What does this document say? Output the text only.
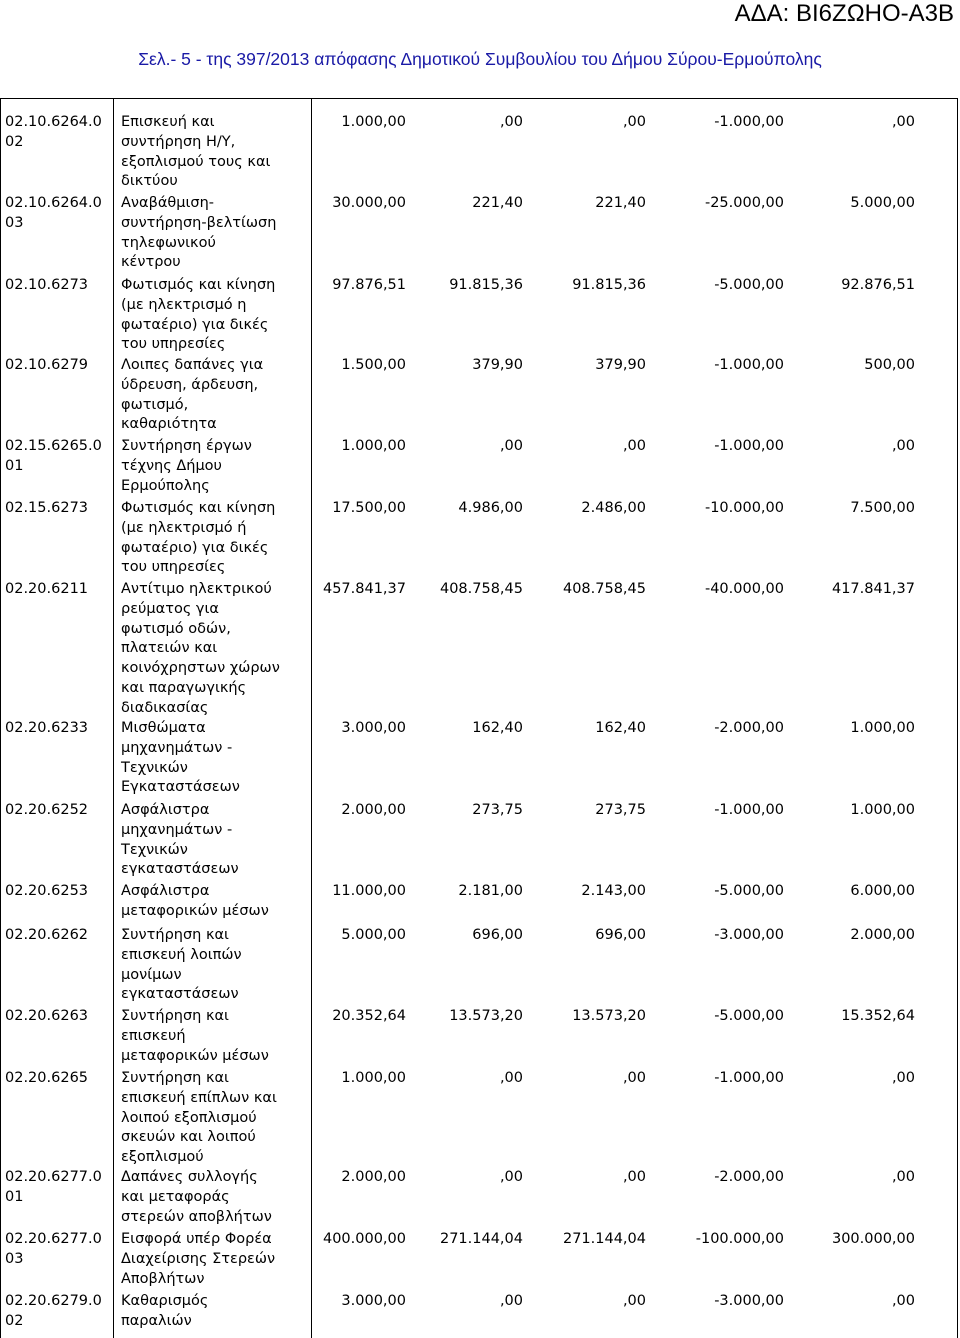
ΑΔΑ: ΒΙ6ΖΩΗΟ-Α3Β
Σελ.- 5 - της 397/2013 απόφασης Δημοτικού Συμβουλίου του Δήμου Σύρου-Ερμούπολης
02.10.6264.0
02
Επισκευή και
συντήρηση Η/Υ,
εξοπλισμού τους και
δικτύου
1.000,00	,00	,00	-1.000,00	,00
02.10.6264.0
03
Αναβάθμιση-
συντήρηση-βελτίωση
τηλεφωνικού
κέντρου
30.000,00	221,40	221,40	-25.000,00	5.000,00
02.10.6273	Φωτισμός και κίνηση
(με ηλεκτρισμό η
φωταέριο) για δικές
του υπηρεσίες
97.876,51	91.815,36	91.815,36	-5.000,00	92.876,51
02.10.6279	Λοιπες δαπάνες για
ύδρευση, άρδευση,
φωτισμό,
καθαριότητα
1.500,00	379,90	379,90	-1.000,00	500,00
02.15.6265.0
01
Συντήρηση έργων
τέχνης Δήμου
Ερμούπολης
1.000,00	,00	,00	-1.000,00	,00
02.15.6273	Φωτισμός και κίνηση
(με ηλεκτρισμό ή
φωταέριο) για δικές
του υπηρεσίες
17.500,00	4.986,00	2.486,00	-10.000,00	7.500,00
02.20.6211	Αντίτιμο ηλεκτρικού
ρεύματος για
φωτισμό οδών,
πλατειών και
κοινόχρηστων χώρων
και παραγωγικής
διαδικασίας
457.841,37 408.758,45	408.758,45	-40.000,00	417.841,37
02.20.6233	Μισθώματα
μηχανημάτων -
Τεχνικών
Εγκαταστάσεων
3.000,00	162,40	162,40	-2.000,00	1.000,00
02.20.6252	Ασφάλιστρα
μηχανημάτων -
Τεχνικών
εγκαταστάσεων
2.000,00	273,75	273,75	-1.000,00	1.000,00
02.20.6253	Ασφάλιστρα
μεταφορικών μέσων
11.000,00	2.181,00	2.143,00	-5.000,00	6.000,00
02.20.6262	Συντήρηση και
επισκευή λοιπών
μονίμων
εγκαταστάσεων
5.000,00	696,00	696,00	-3.000,00	2.000,00
02.20.6263	Συντήρηση και
επισκευή
μεταφορικών μέσων
20.352,64	13.573,20	13.573,20	-5.000,00	15.352,64
02.20.6265	Συντήρηση και
επισκευή επίπλων και
λοιπού εξοπλισμού
σκευών και λοιπού
εξοπλισμού
1.000,00	,00	,00	-1.000,00	,00
02.20.6277.0
01
Δαπάνες συλλογής
και μεταφοράς
στερεών αποβλήτων
2.000,00	,00	,00	-2.000,00	,00
02.20.6277.0
03
Εισφορά υπέρ Φορέα
Διαχείρισης Στερεών
Αποβλήτων
400.000,00 271.144,04	271.144,04	-100.000,00	300.000,00
02.20.6279.0
02
Καθαρισμός
παραλιών
3.000,00	,00	,00	-3.000,00	,00
